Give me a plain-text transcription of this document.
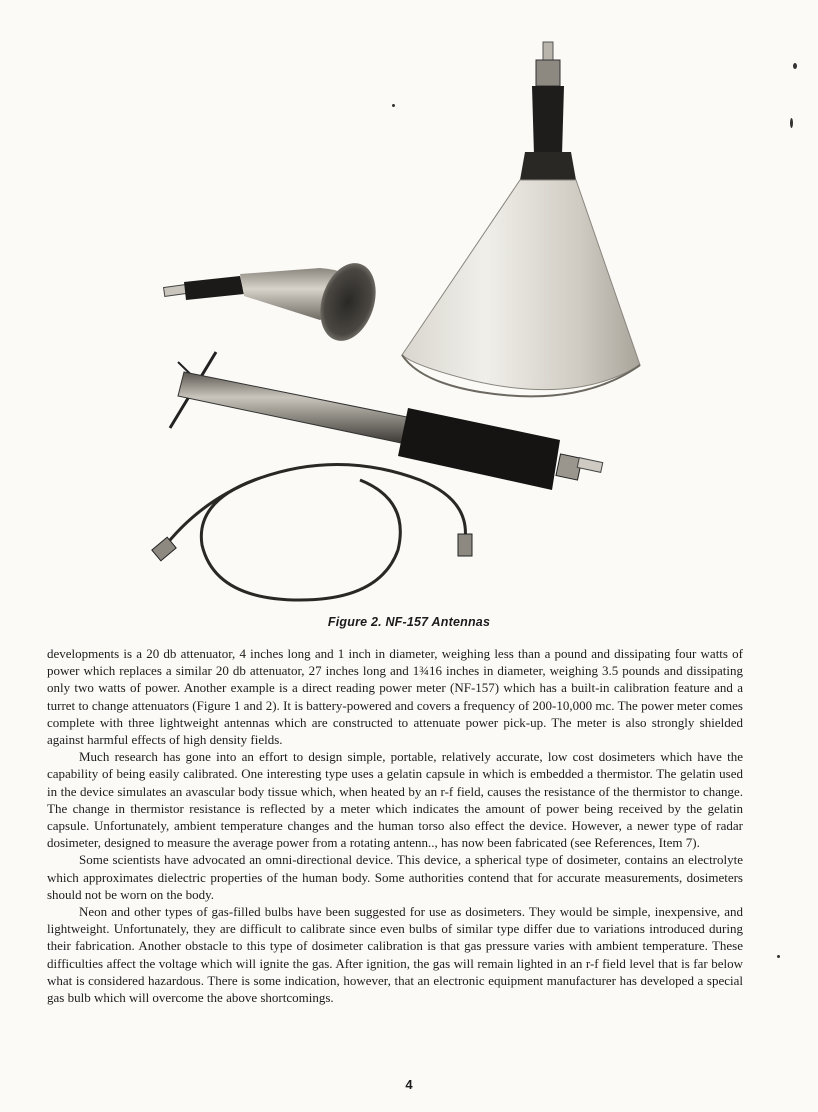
Figure 2. NF-157 Antennas

developments is a 20 db attenuator, 4 inches long and 1 inch in diameter, weighing less than a pound and dissipating four watts of power which replaces a similar 20 db attenuator, 27 inches long and 1¾16 inches in diameter, weighing 3.5 pounds and dissipating only two watts of power. Another example is a direct reading power meter (NF-157) which has a built-in calibration feature and a turret to change attenuators (Figure 1 and 2). It is battery-powered and covers a frequency of 200-10,000 mc. The power meter comes complete with three lightweight antennas which are constructed to attenuate power pick-up. The meter is also strongly shielded against harmful effects of high density fields.

Much research has gone into an effort to design simple, portable, relatively accurate, low cost dosimeters which have the capability of being easily calibrated. One interesting type uses a gelatin capsule in which is embedded a thermistor. The gelatin used in the device simulates an avascular body tissue which, when heated by an r-f field, causes the resistance of the thermistor to change. The change in thermistor resistance is reflected by a meter which indicates the amount of power being received by the gelatin capsule. Unfortunately, ambient temperature changes and the human torso also effect the device. However, a newer type of radar dosimeter, designed to measure the average power from a rotating antenn.., has now been fabricated (see References, Item 7).

Some scientists have advocated an omni-directional device. This device, a spherical type of dosimeter, contains an electrolyte which approximates dielectric properties of the human body. Some authorities contend that for accurate measurements, dosimeters should not be worn on the body.

Neon and other types of gas-filled bulbs have been suggested for use as dosimeters. They would be simple, inexpensive, and lightweight. Unfortunately, they are difficult to calibrate since even bulbs of similar type differ due to variations introduced during their fabrication. Another obstacle to this type of dosimeter calibration is that gas pressure varies with ambient temperature. These difficulties affect the voltage which will ignite the gas. After ignition, the gas will remain lighted in an r-f field level that is far below what is considered hazardous. There is some indication, however, that an electronic equipment manufacturer has developed a special gas bulb which will overcome the above shortcomings.

4
